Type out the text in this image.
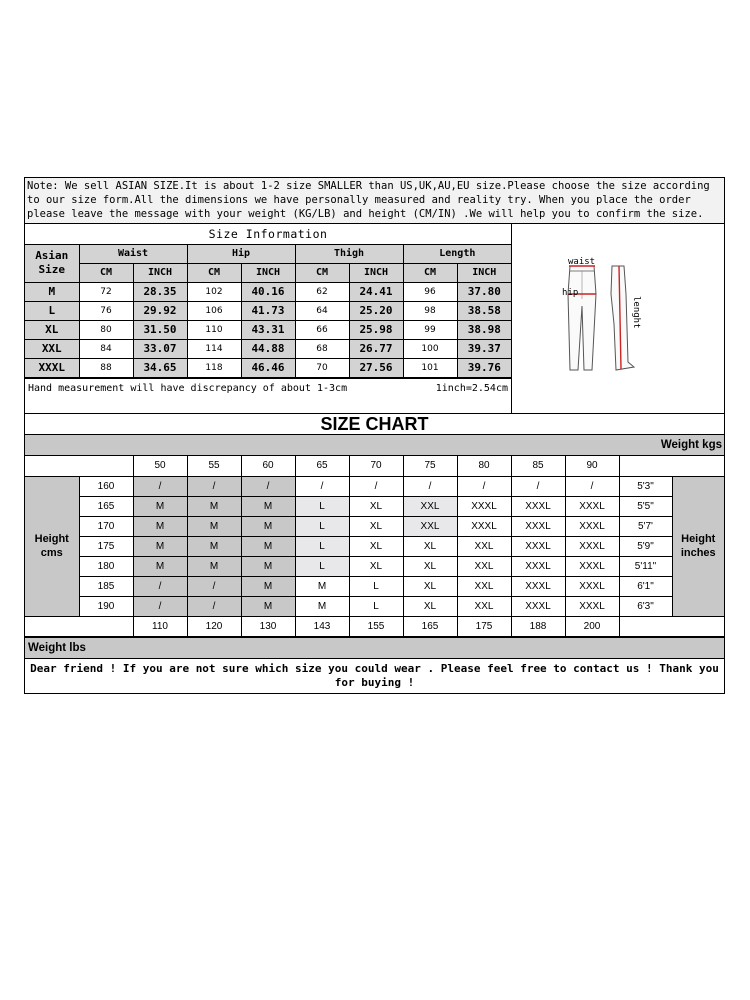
Note: We sell ASIAN SIZE.It is about 1-2 size SMALLER than US,UK,AU,EU size.Please choose the size according to our size form.All the dimensions we have personally measured and reality try. When you place the order please leave the message with your weight (KG/LB) and height (CM/IN) .We will help you to confirm the size.
Size Information								
Asian Size	Waist		Hip		Thigh		Length	
	CM	INCH	CM	INCH	CM	INCH	CM	INCH
M	72	28.35	102	40.16	62	24.41	96	37.80
L	76	29.92	106	41.73	64	25.20	98	38.58
XL	80	31.50	110	43.31	66	25.98	99	38.98
XXL	84	33.07	114	44.88	68	26.77	100	39.37
XXXL	88	34.65	118	46.46	70	27.56	101	39.76
Hand measurement will have discrepancy of about 1-3cm	1inch=2.54cm
waist
hip
lenght
SIZE CHART
Weight kgs
		50	55	60	65	70	75	80	85	90		
Height cms	160	/	/	/	/	/	/	/	/	/	5'3"	Height inches
	165	M	M	M	L	XL	XXL	XXXL	XXXL	XXXL	5'5"	
	170	M	M	M	L	XL	XXL	XXXL	XXXL	XXXL	5'7'	
	175	M	M	M	L	XL	XL	XXL	XXXL	XXXL	5'9"	
	180	M	M	M	L	XL	XL	XXL	XXXL	XXXL	5'11"	
	185	/	/	M	M	L	XL	XXL	XXXL	XXXL	6'1"	
	190	/	/	M	M	L	XL	XXL	XXXL	XXXL	6'3"	
		110	120	130	143	155	165	175	188	200		
Weight lbs
Dear friend ! If you are not sure which size you could wear . Please feel free to contact us ! Thank you for buying !
